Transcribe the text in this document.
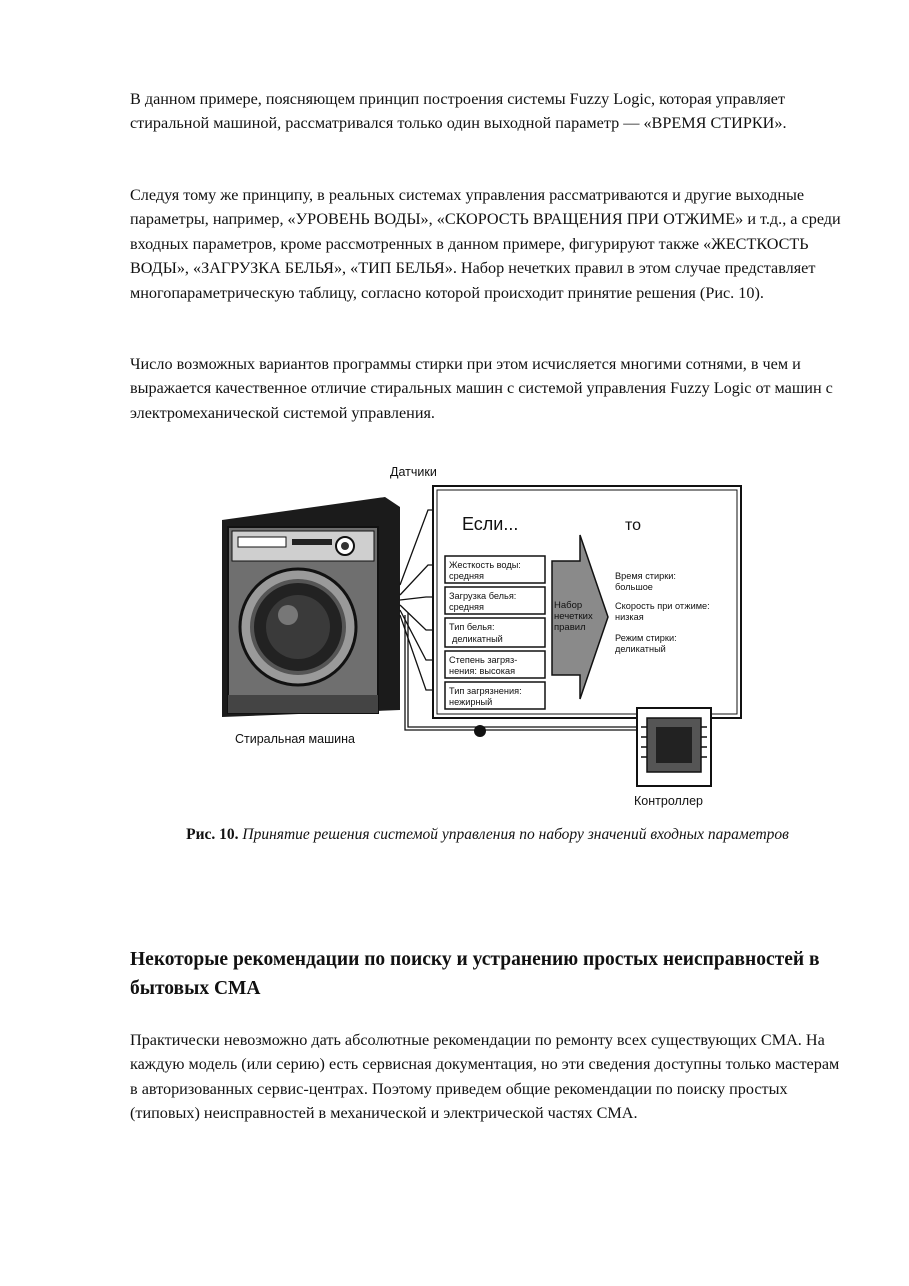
В данном примере, поясняющем принцип построения системы Fuzzy Logic, которая управляет стиральной машиной, рассматривался только один выходной параметр — «ВРЕМЯ СТИРКИ».

Следуя тому же принципу, в реальных системах управления рассматриваются и другие выходные параметры, например, «УРОВЕНЬ ВОДЫ», «СКОРОСТЬ ВРАЩЕНИЯ ПРИ ОТЖИМЕ» и т.д., а среди входных параметров, кроме рассмотренных в данном примере, фигурируют также «ЖЕСТКОСТЬ ВОДЫ», «ЗАГРУЗКА БЕЛЬЯ», «ТИП БЕЛЬЯ». Набор нечетких правил в этом случае представляет многопараметрическую таблицу, согласно которой происходит принятие решения (Рис. 10).

Число возможных вариантов программы стирки при этом исчисляется многими сотнями, в чем и выражается качественное отличие стиральных машин с системой управления Fuzzy Logic от машин с электромеханической системой управления.

Стиральная машина
Датчики
Если...	то
Жесткость воды:
средняя
Загрузка белья:
средняя
Тип белья:
деликатный
Степень загряз-
нения: высокая
Тип загрязнения:
нежирный
Набор
нечетких
правил
Время стирки:
большое
Скорость при отжиме:
низкая
Режим стирки:
деликатный
Контроллер
Рис. 10. Принятие решения системой управления по набору значений входных параметров
Некоторые рекомендации по поиску и устранению простых неисправностей в бытовых СМА

Практически невозможно дать абсолютные рекомендации по ремонту всех существующих СМА. На каждую модель (или серию) есть сервисная документация, но эти сведения доступны только мастерам в авторизованных сервис-центрах. Поэтому приведем общие рекомендации по поиску простых (типовых) неисправностей в механической и электрической частях СМА.
